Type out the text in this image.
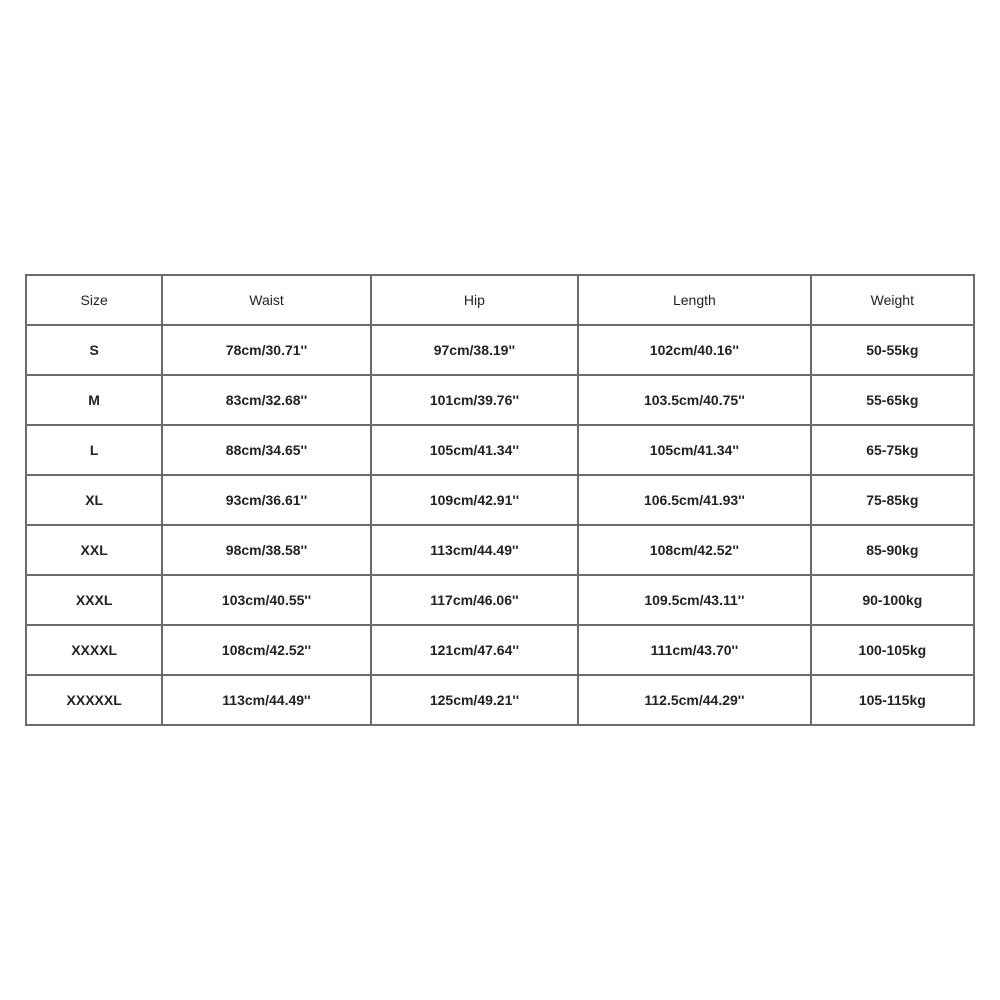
Size	Waist	Hip	Length	Weight
S	78cm/30.71''	97cm/38.19''	102cm/40.16''	50-55kg
M	83cm/32.68''	101cm/39.76''	103.5cm/40.75''	55-65kg
L	88cm/34.65''	105cm/41.34''	105cm/41.34''	65-75kg
XL	93cm/36.61''	109cm/42.91''	106.5cm/41.93''	75-85kg
XXL	98cm/38.58''	113cm/44.49''	108cm/42.52''	85-90kg
XXXL	103cm/40.55''	117cm/46.06''	109.5cm/43.11''	90-100kg
XXXXL	108cm/42.52''	121cm/47.64''	111cm/43.70''	100-105kg
XXXXXL	113cm/44.49''	125cm/49.21''	112.5cm/44.29''	105-115kg
